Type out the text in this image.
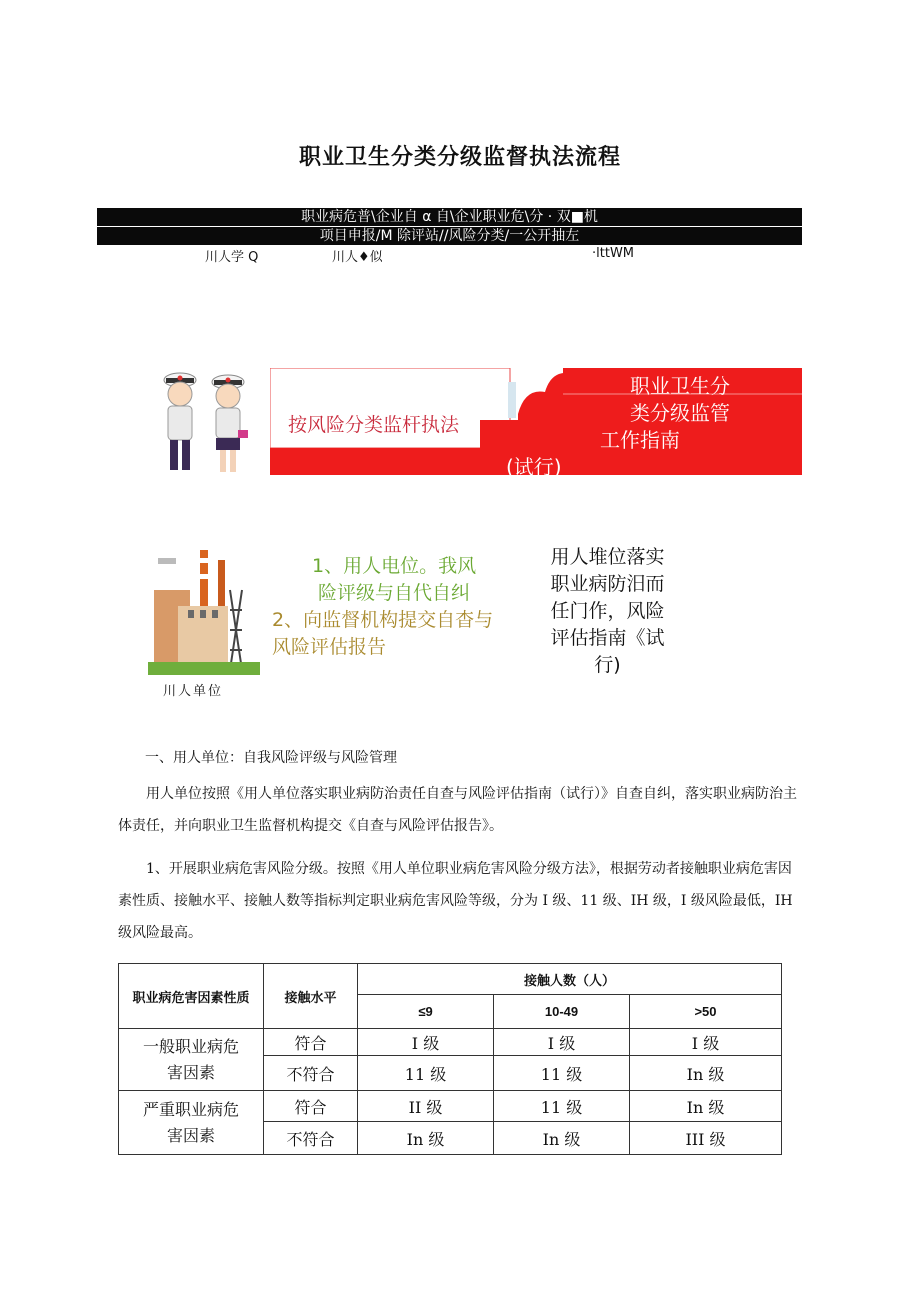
职业卫生分类分级监督执法流程
职业病危普\企业自 α 自\企业职业危\分 · 双■机
项目申报/M 除评站//风险分类/一公开抽左
川人学 Q	川人♦似	·lttWM
按风险分类监杆执法
职业卫生分
类分级监管
工作指南
(试行)
川人单位
1、用人电位。我风
险评级与自代自纠
2、向监督机构提交自杳与
风险评估报告
用人堆位落实
职业病防汨而
任门作，风险
评估指南《试
行)
一、用人单位：自我风险评级与风险管理
用人单位按照《用人单位落实职业病防治责任自查与风险评估指南（试行）》自查自纠，落实职业病防治主体责任，并向职业卫生监督机构提交《自查与风险评估报告》。
1、开展职业病危害风险分级。按照《用人单位职业病危害风险分级方法》，根据劳动者接触职业病危害因素性质、接触水平、接触人数等指标判定职业病危害风险等级，分为 I 级、11 级、IH 级，I 级风险最低，IH 级风险最高。
职业病危害因素性质	接触水平	接触人数（人）		
		≤9	10-49	>50
一般职业病危害因素	符合	I 级	I 级	I 级
	不符合	11 级	11 级	In 级
严重职业病危害因素	符合	II 级	11 级	In 级
	不符合	In 级	In 级	III 级
